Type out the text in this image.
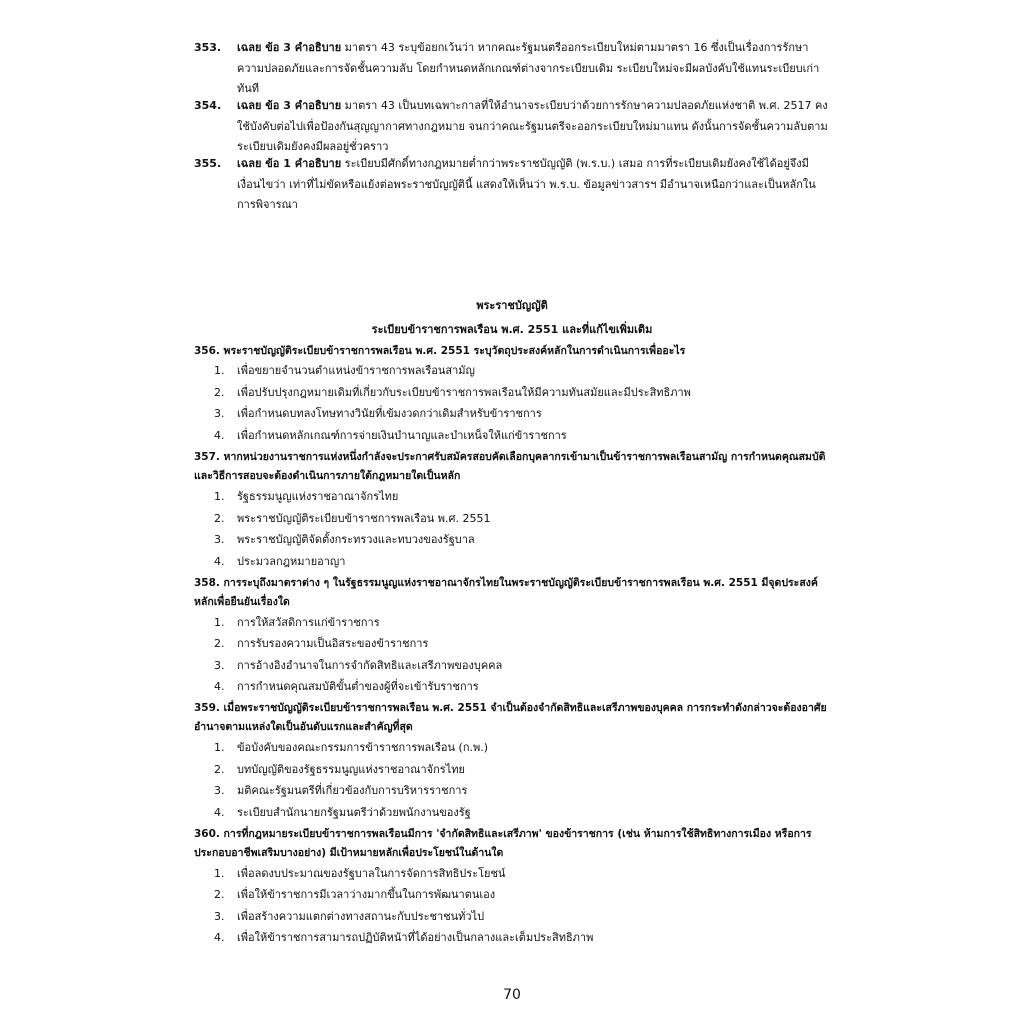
353. เฉลย ข้อ 3 คำอธิบาย มาตรา 43 ระบุข้อยกเว้นว่า หากคณะรัฐมนตรีออกระเบียบใหม่ตามมาตรา 16 ซึ่งเป็นเรื่องการรักษาความปลอดภัยและการจัดชั้นความลับ โดยกำหนดหลักเกณฑ์ต่างจากระเบียบเดิม ระเบียบใหม่จะมีผลบังคับใช้แทนระเบียบเก่าทันที
354. เฉลย ข้อ 3 คำอธิบาย มาตรา 43 เป็นบทเฉพาะกาลที่ให้อำนาจระเบียบว่าด้วยการรักษาความปลอดภัยแห่งชาติ พ.ศ. 2517 คงใช้บังคับต่อไปเพื่อป้องกันสุญญากาศทางกฎหมาย จนกว่าคณะรัฐมนตรีจะออกระเบียบใหม่มาแทน ดังนั้นการจัดชั้นความลับตามระเบียบเดิมยังคงมีผลอยู่ชั่วคราว
355. เฉลย ข้อ 1 คำอธิบาย ระเบียบมีศักดิ์ทางกฎหมายต่ำกว่าพระราชบัญญัติ (พ.ร.บ.) เสมอ การที่ระเบียบเดิมยังคงใช้ได้อยู่จึงมีเงื่อนไขว่า เท่าที่ไม่ขัดหรือแย้งต่อพระราชบัญญัตินี้ แสดงให้เห็นว่า พ.ร.บ. ข้อมูลข่าวสารฯ มีอำนาจเหนือกว่าและเป็นหลักในการพิจารณา
พระราชบัญญัติ
ระเบียบข้าราชการพลเรือน พ.ศ. 2551 และที่แก้ไขเพิ่มเติม
356. พระราชบัญญัติระเบียบข้าราชการพลเรือน พ.ศ. 2551 ระบุวัตถุประสงค์หลักในการดำเนินการเพื่ออะไร
1. เพื่อขยายจำนวนตำแหน่งข้าราชการพลเรือนสามัญ
2. เพื่อปรับปรุงกฎหมายเดิมที่เกี่ยวกับระเบียบข้าราชการพลเรือนให้มีความทันสมัยและมีประสิทธิภาพ
3. เพื่อกำหนดบทลงโทษทางวินัยที่เข้มงวดกว่าเดิมสำหรับข้าราชการ
4. เพื่อกำหนดหลักเกณฑ์การจ่ายเงินบำนาญและบำเหน็จให้แก่ข้าราชการ
357. หากหน่วยงานราชการแห่งหนึ่งกำลังจะประกาศรับสมัครสอบคัดเลือกบุคลากรเข้ามาเป็นข้าราชการพลเรือนสามัญ การกำหนดคุณสมบัติและวิธีการสอบจะต้องดำเนินการภายใต้กฎหมายใดเป็นหลัก
1. รัฐธรรมนูญแห่งราชอาณาจักรไทย
2. พระราชบัญญัติระเบียบข้าราชการพลเรือน พ.ศ. 2551
3. พระราชบัญญัติจัดตั้งกระทรวงและทบวงของรัฐบาล
4. ประมวลกฎหมายอาญา
358. การระบุถึงมาตราต่าง ๆ ในรัฐธรรมนูญแห่งราชอาณาจักรไทยในพระราชบัญญัติระเบียบข้าราชการพลเรือน พ.ศ. 2551 มีจุดประสงค์หลักเพื่อยืนยันเรื่องใด
1. การให้สวัสดิการแก่ข้าราชการ
2. การรับรองความเป็นอิสระของข้าราชการ
3. การอ้างอิงอำนาจในการจำกัดสิทธิและเสรีภาพของบุคคล
4. การกำหนดคุณสมบัติขั้นต่ำของผู้ที่จะเข้ารับราชการ
359. เมื่อพระราชบัญญัติระเบียบข้าราชการพลเรือน พ.ศ. 2551 จำเป็นต้องจำกัดสิทธิและเสรีภาพของบุคคล การกระทำดังกล่าวจะต้องอาศัยอำนาจตามแหล่งใดเป็นอันดับแรกและสำคัญที่สุด
1. ข้อบังคับของคณะกรรมการข้าราชการพลเรือน (ก.พ.)
2. บทบัญญัติของรัฐธรรมนูญแห่งราชอาณาจักรไทย
3. มติคณะรัฐมนตรีที่เกี่ยวข้องกับการบริหารราชการ
4. ระเบียบสำนักนายกรัฐมนตรีว่าด้วยพนักงานของรัฐ
360. การที่กฎหมายระเบียบข้าราชการพลเรือนมีการ 'จำกัดสิทธิและเสรีภาพ' ของข้าราชการ (เช่น ห้ามการใช้สิทธิทางการเมือง หรือการประกอบอาชีพเสริมบางอย่าง) มีเป้าหมายหลักเพื่อประโยชน์ในด้านใด
1. เพื่อลดงบประมาณของรัฐบาลในการจัดการสิทธิประโยชน์
2. เพื่อให้ข้าราชการมีเวลาว่างมากขึ้นในการพัฒนาตนเอง
3. เพื่อสร้างความแตกต่างทางสถานะกับประชาชนทั่วไป
4. เพื่อให้ข้าราชการสามารถปฏิบัติหน้าที่ได้อย่างเป็นกลางและเต็มประสิทธิภาพ
70
